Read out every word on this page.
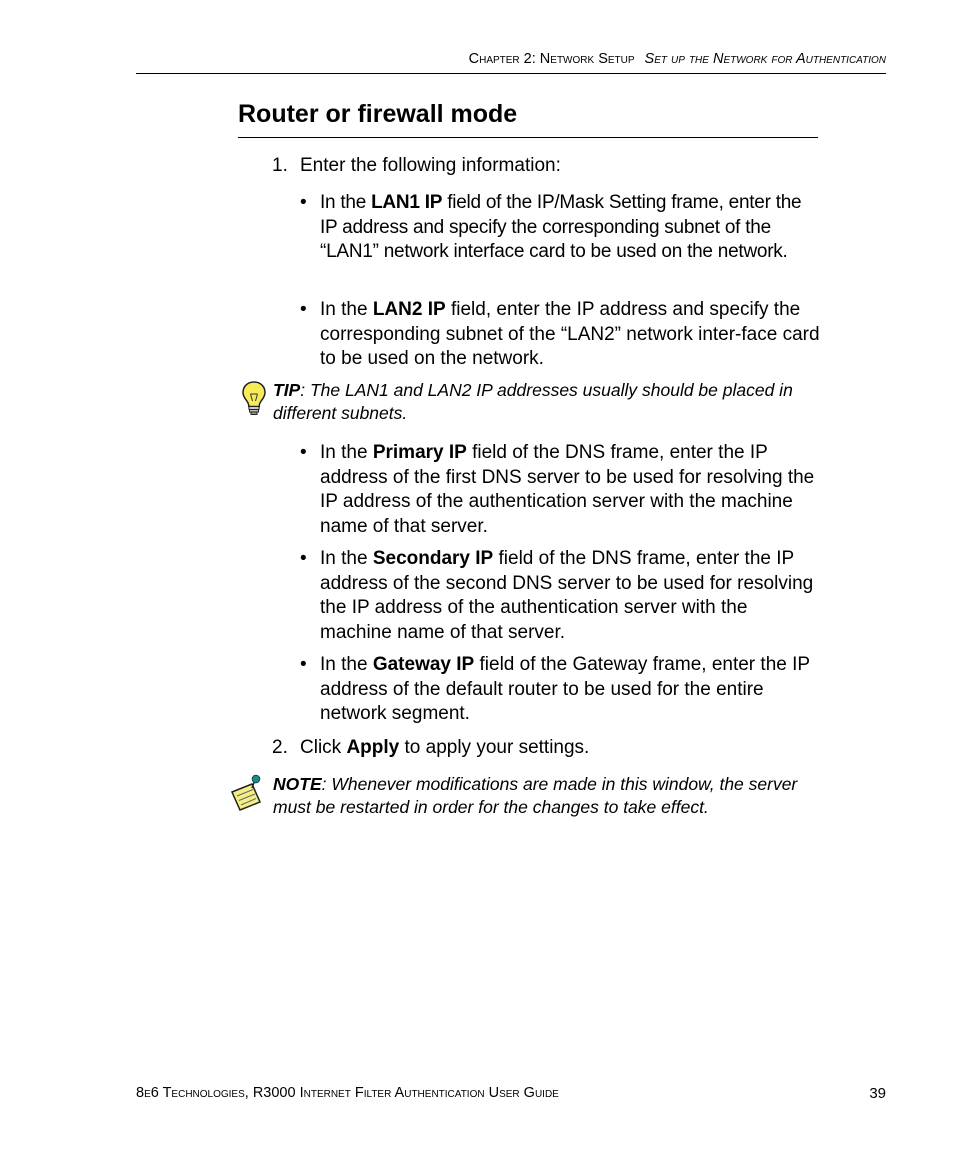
Chapter 2: Network Setup Set up the Network for Authentication
Router or firewall mode
1. Enter the following information:
• In the LAN1 IP field of the IP/Mask Setting frame, enter the IP address and specify the corresponding subnet of the “LAN1” network interface card to be used on the network.
• In the LAN2 IP field, enter the IP address and specify the corresponding subnet of the “LAN2” network inter-face card to be used on the network.
TIP: The LAN1 and LAN2 IP addresses usually should be placed in different subnets.
• In the Primary IP field of the DNS frame, enter the IP address of the first DNS server to be used for resolving the IP address of the authentication server with the machine name of that server.
• In the Secondary IP field of the DNS frame, enter the IP address of the second DNS server to be used for resolving the IP address of the authentication server with the machine name of that server.
• In the Gateway IP field of the Gateway frame, enter the IP address of the default router to be used for the entire network segment.
2. Click Apply to apply your settings.
NOTE: Whenever modifications are made in this window, the server must be restarted in order for the changes to take effect.
8e6 Technologies, R3000 Internet Filter Authentication User Guide	39
